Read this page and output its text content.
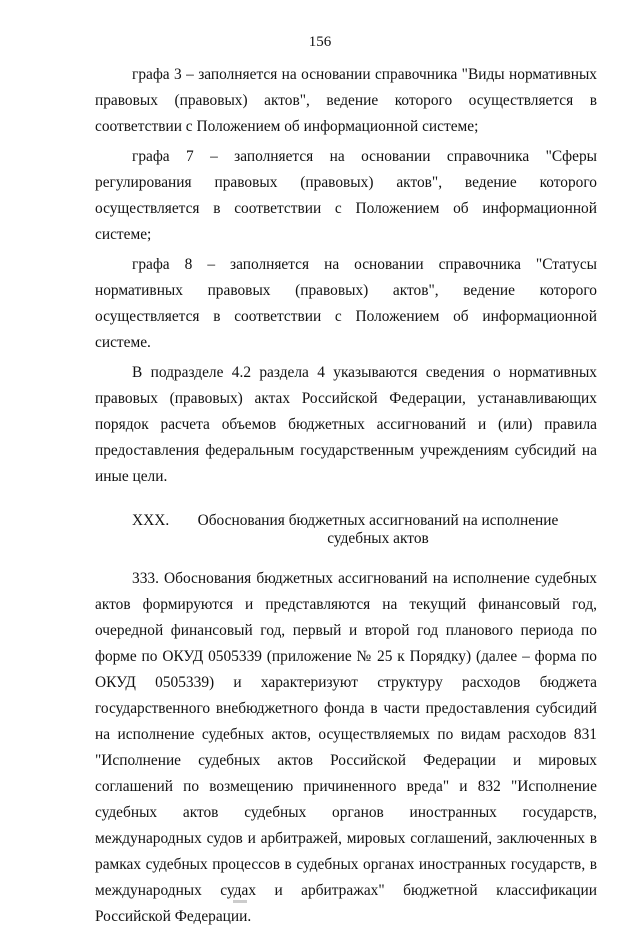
156

графа 3 – заполняется на основании справочника "Виды нормативных правовых (правовых) актов", ведение которого осуществляется в соответствии с Положением об информационной системе;

графа 7 – заполняется на основании справочника "Сферы регулирования правовых (правовых) актов", ведение которого осуществляется в соответствии с Положением об информационной системе;

графа 8 – заполняется на основании справочника "Статусы нормативных правовых (правовых) актов", ведение которого осуществляется в соответствии с Положением об информационной системе.

В подразделе 4.2 раздела 4 указываются сведения о нормативных правовых (правовых) актах Российской Федерации, устанавливающих порядок расчета объемов бюджетных ассигнований и (или) правила предоставления федеральным государственным учреждениям субсидий на иные цели.

XXX. Обоснования бюджетных ассигнований на исполнение судебных актов

333. Обоснования бюджетных ассигнований на исполнение судебных актов формируются и представляются на текущий финансовый год, очередной финансовый год, первый и второй год планового периода по форме по ОКУД 0505339 (приложение № 25 к Порядку) (далее – форма по ОКУД 0505339) и характеризуют структуру расходов бюджета государственного внебюджетного фонда в части предоставления субсидий на исполнение судебных актов, осуществляемых по видам расходов 831 "Исполнение судебных актов Российской Федерации и мировых соглашений по возмещению причиненного вреда" и 832 "Исполнение судебных актов судебных органов иностранных государств, международных судов и арбитражей, мировых соглашений, заключенных в рамках судебных процессов в судебных органах иностранных государств, в международных судах и арбитражах" бюджетной классификации Российской Федерации.
